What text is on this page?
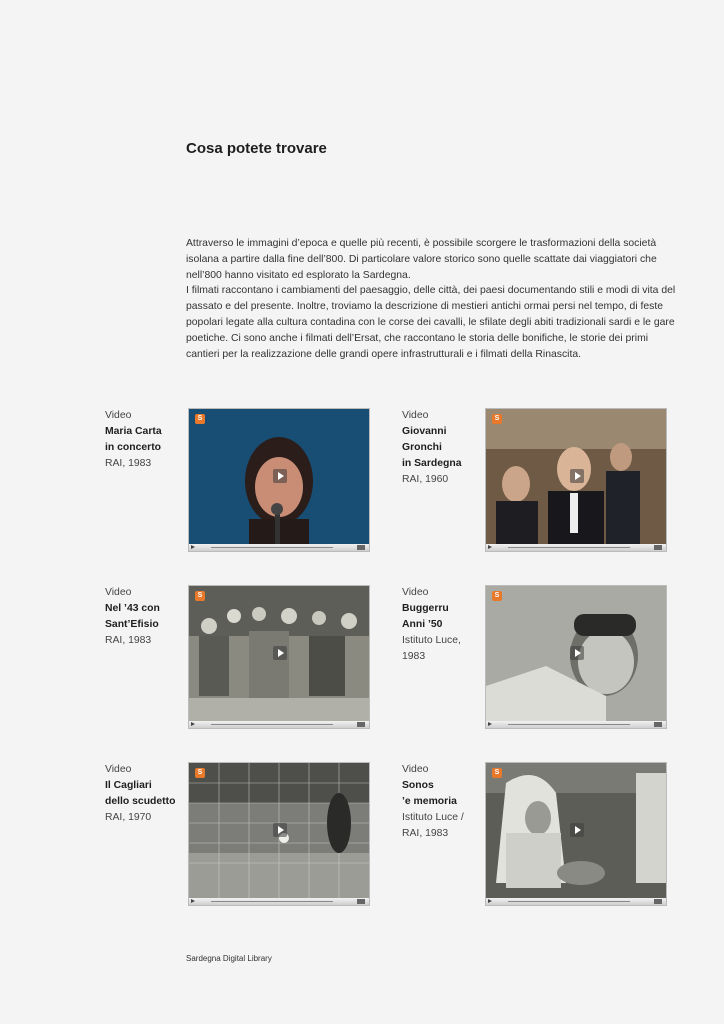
Cosa potete trovare

Attraverso le immagini d’epoca e quelle più recenti, è possibile scorgere le trasformazioni della società isolana a partire dalla fine dell’800. Di particolare valore storico sono quelle scattate dai viaggiatori che nell’800 hanno visitato ed esplorato la Sardegna.

I filmati raccontano i cambiamenti del paesaggio, delle città, dei paesi documentando stili e modi di vita del passato e del presente. Inoltre, troviamo la descrizione di mestieri antichi ormai persi nel tempo, di feste popolari legate alla cultura contadina con le corse dei cavalli, le sfilate degli abiti tradizionali sardi e le gare poetiche. Ci sono anche i filmati dell’Ersat, che raccontano le storia delle bonifiche, le storie dei primi cantieri per la realizzazione delle grandi opere infrastrutturali e i filmati della Rinascita.

Video
Maria Carta
in concerto
RAI, 1983
S	Video
Giovanni
Gronchi
in Sardegna
RAI, 1960
S
Video
Nel ’43 con
Sant’Efisio
RAI, 1983
S	Video
Buggerru
Anni ’50
Istituto Luce,
1983
S
Video
Il Cagliari
dello scudetto
RAI, 1970
S	Video
Sonos
’e memoria
Istituto Luce /
RAI, 1983
S
Sardegna Digital Library
